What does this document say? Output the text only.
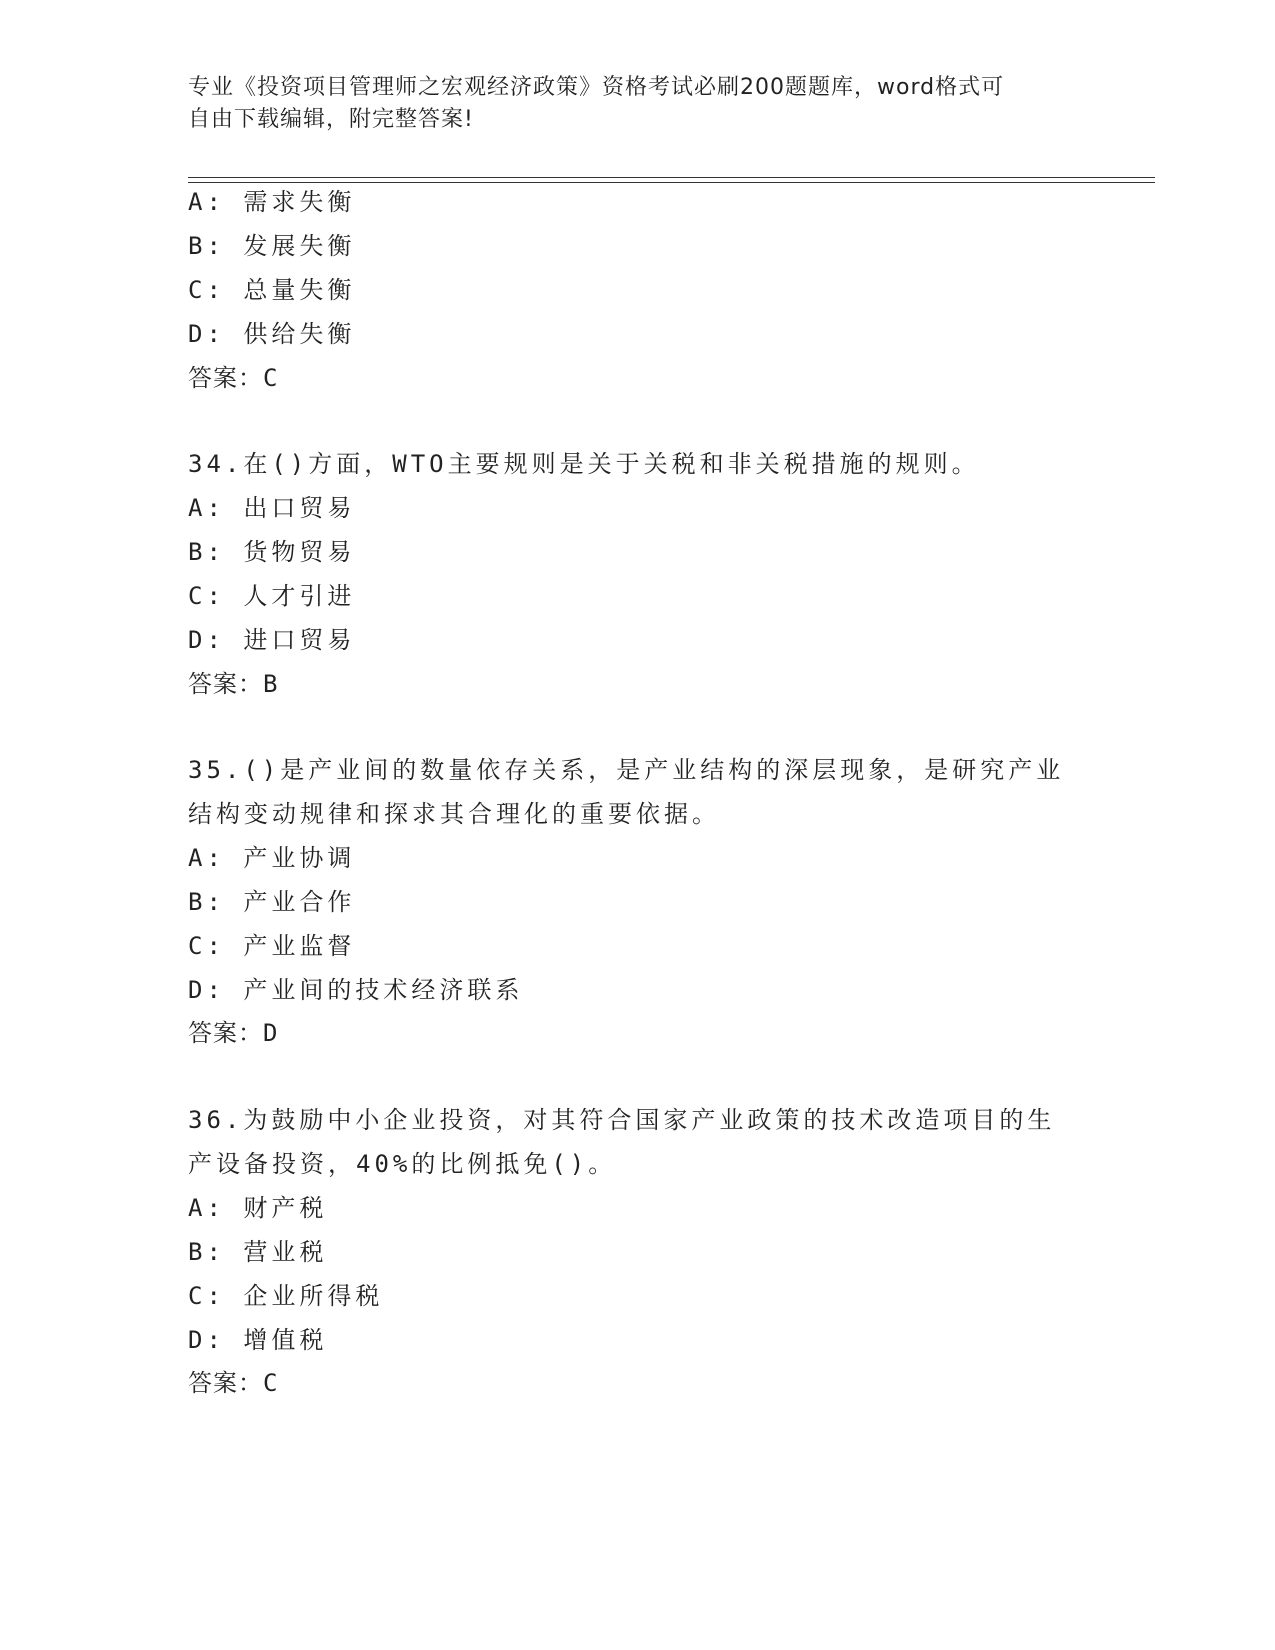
专业《投资项目管理师之宏观经济政策》资格考试必刷200题题库，word格式可
自由下载编辑，附完整答案!
A: 需求失衡
B: 发展失衡
C: 总量失衡
D: 供给失衡
答案：C
34.在()方面，WTO主要规则是关于关税和非关税措施的规则。
A: 出口贸易
B: 货物贸易
C: 人才引进
D: 进口贸易
答案：B
35.()是产业间的数量依存关系，是产业结构的深层现象，是研究产业
结构变动规律和探求其合理化的重要依据。
A: 产业协调
B: 产业合作
C: 产业监督
D: 产业间的技术经济联系
答案：D
36.为鼓励中小企业投资，对其符合国家产业政策的技术改造项目的生
产设备投资，40%的比例抵免()。
A: 财产税
B: 营业税
C: 企业所得税
D: 增值税
答案：C
